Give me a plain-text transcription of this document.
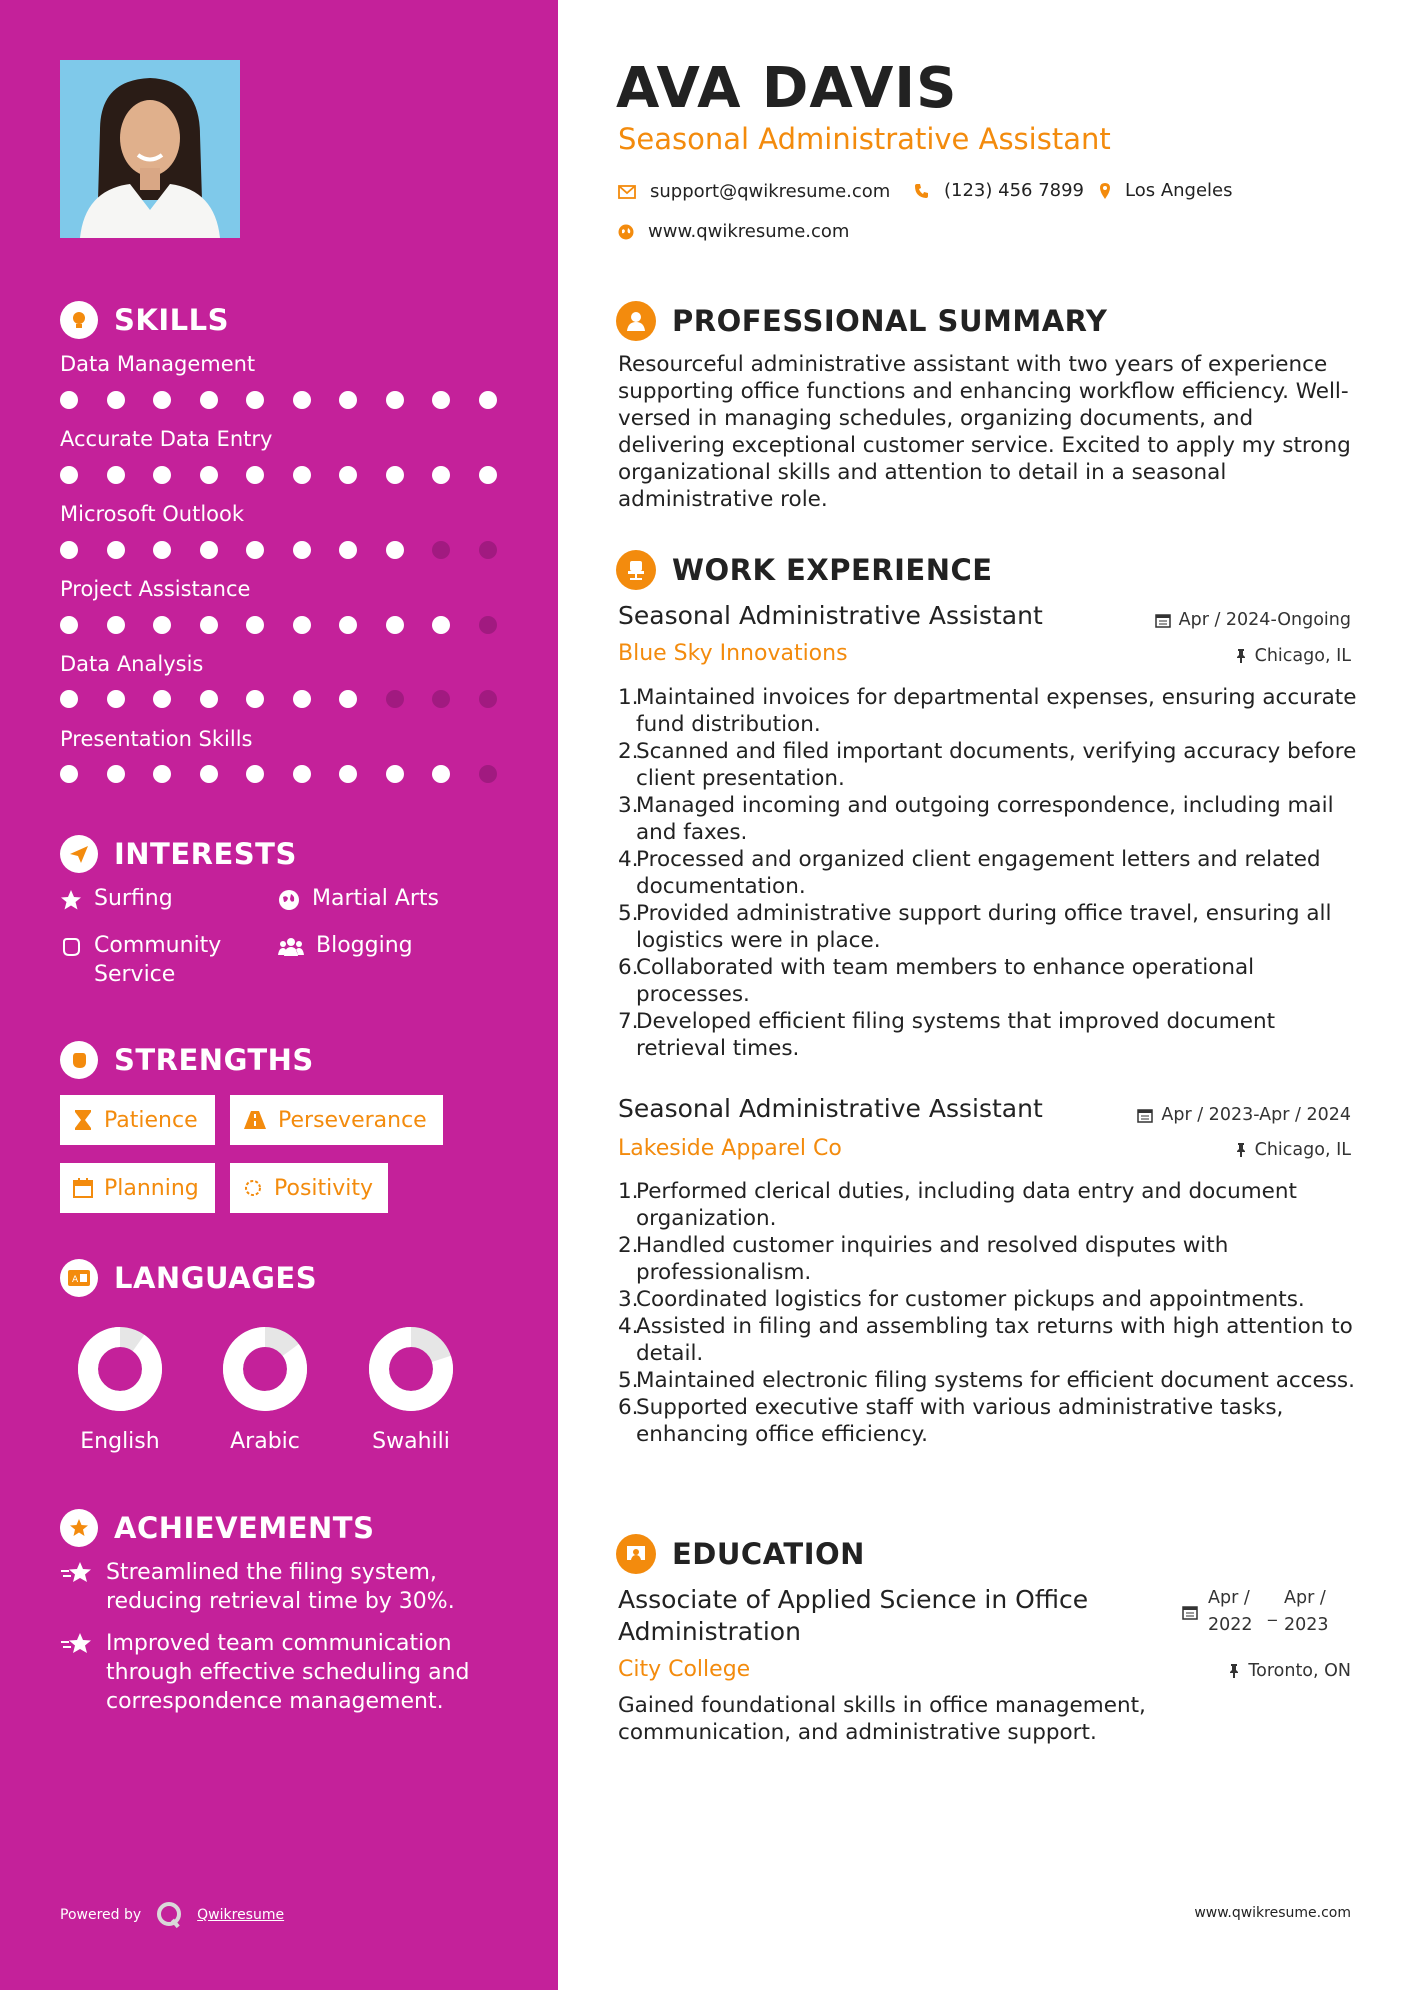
SKILLS
Data Management
Accurate Data Entry
Microsoft Outlook
Project Assistance
Data Analysis
Presentation Skills
INTERESTS
Surfing	Martial Arts
Community Service
Blogging
STRENGTHS
Patience	Perseverance
Planning	Positivity
A LANGUAGES
English	Arabic	Swahili
ACHIEVEMENTS
Streamlined the filing system, reducing retrieval time by 30%.
Improved team communication through effective scheduling and correspondence management.
Powered by	Qwikresume
AVA DAVIS
Seasonal Administrative Assistant
support@qwikresume.com	(123) 456 7899 Los Angeles
www.qwikresume.com
PROFESSIONAL SUMMARY
Resourceful administrative assistant with two years of experience supporting office functions and enhancing workflow efficiency. Well-versed in managing schedules, organizing documents, and delivering exceptional customer service. Excited to apply my strong organizational skills and attention to detail in a seasonal administrative role.
WORK EXPERIENCE
Seasonal Administrative Assistant	Apr / 2024-Ongoing
Blue Sky Innovations	Chicago, IL
1.
Maintained invoices for departmental expenses, ensuring accurate fund distribution.
2.
Scanned and filed important documents, verifying accuracy before client presentation.
3.
Managed incoming and outgoing correspondence, including mail and faxes.
4.
Processed and organized client engagement letters and related documentation.
5.
Provided administrative support during office travel, ensuring all logistics were in place.
6.
Collaborated with team members to enhance operational processes.
7.
Developed efficient filing systems that improved document retrieval times.
Seasonal Administrative Assistant	Apr / 2023-Apr / 2024
Lakeside Apparel Co	Chicago, IL
1.
Performed clerical duties, including data entry and document organization.
2.
Handled customer inquiries and resolved disputes with professionalism.
3.
Coordinated logistics for customer pickups and appointments.
4.
Assisted in filing and assembling tax returns with high attention to detail.
5.
Maintained electronic filing systems for efficient document access.
6.
Supported executive staff with various administrative tasks, enhancing office efficiency.
EDUCATION
Associate of Applied Science in Office Administration
Apr / 2022
_
Apr / 2023
City College	Toronto, ON
Gained foundational skills in office management, communication, and administrative support.
www.qwikresume.com
